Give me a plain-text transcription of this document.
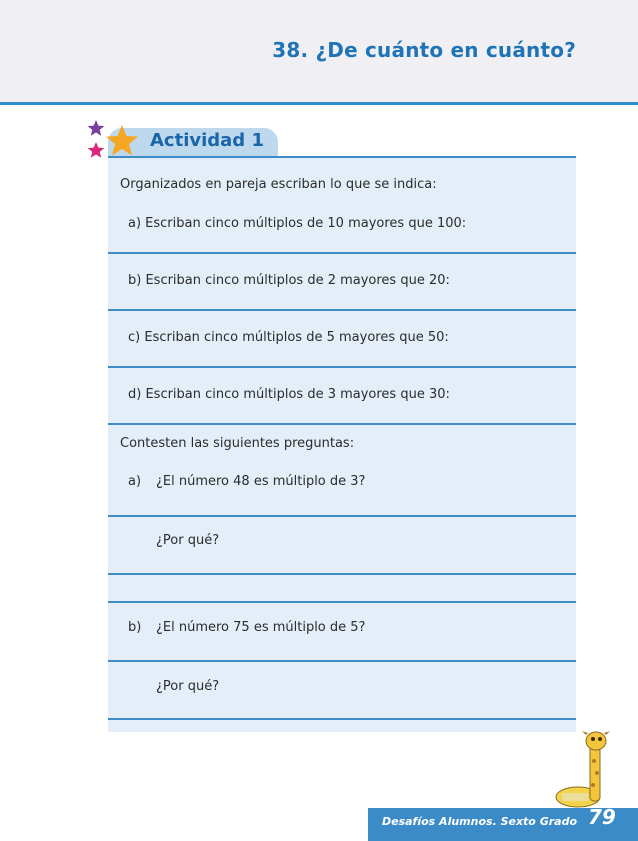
38. ¿De cuánto en cuánto?
Actividad 1
Organizados en pareja escriban lo que se indica:
a) Escriban cinco múltiplos de 10 mayores que 100:
b) Escriban cinco múltiplos de 2 mayores que 20:
c) Escriban cinco múltiplos de 5 mayores que 50:
d) Escriban cinco múltiplos de 3 mayores que 30:
Contesten las siguientes preguntas:
a) ¿El número 48 es múltiplo de 3?
¿Por qué?
b) ¿El número 75 es múltiplo de 5?
¿Por qué?
Desafíos Alumnos. Sexto Grado 79
